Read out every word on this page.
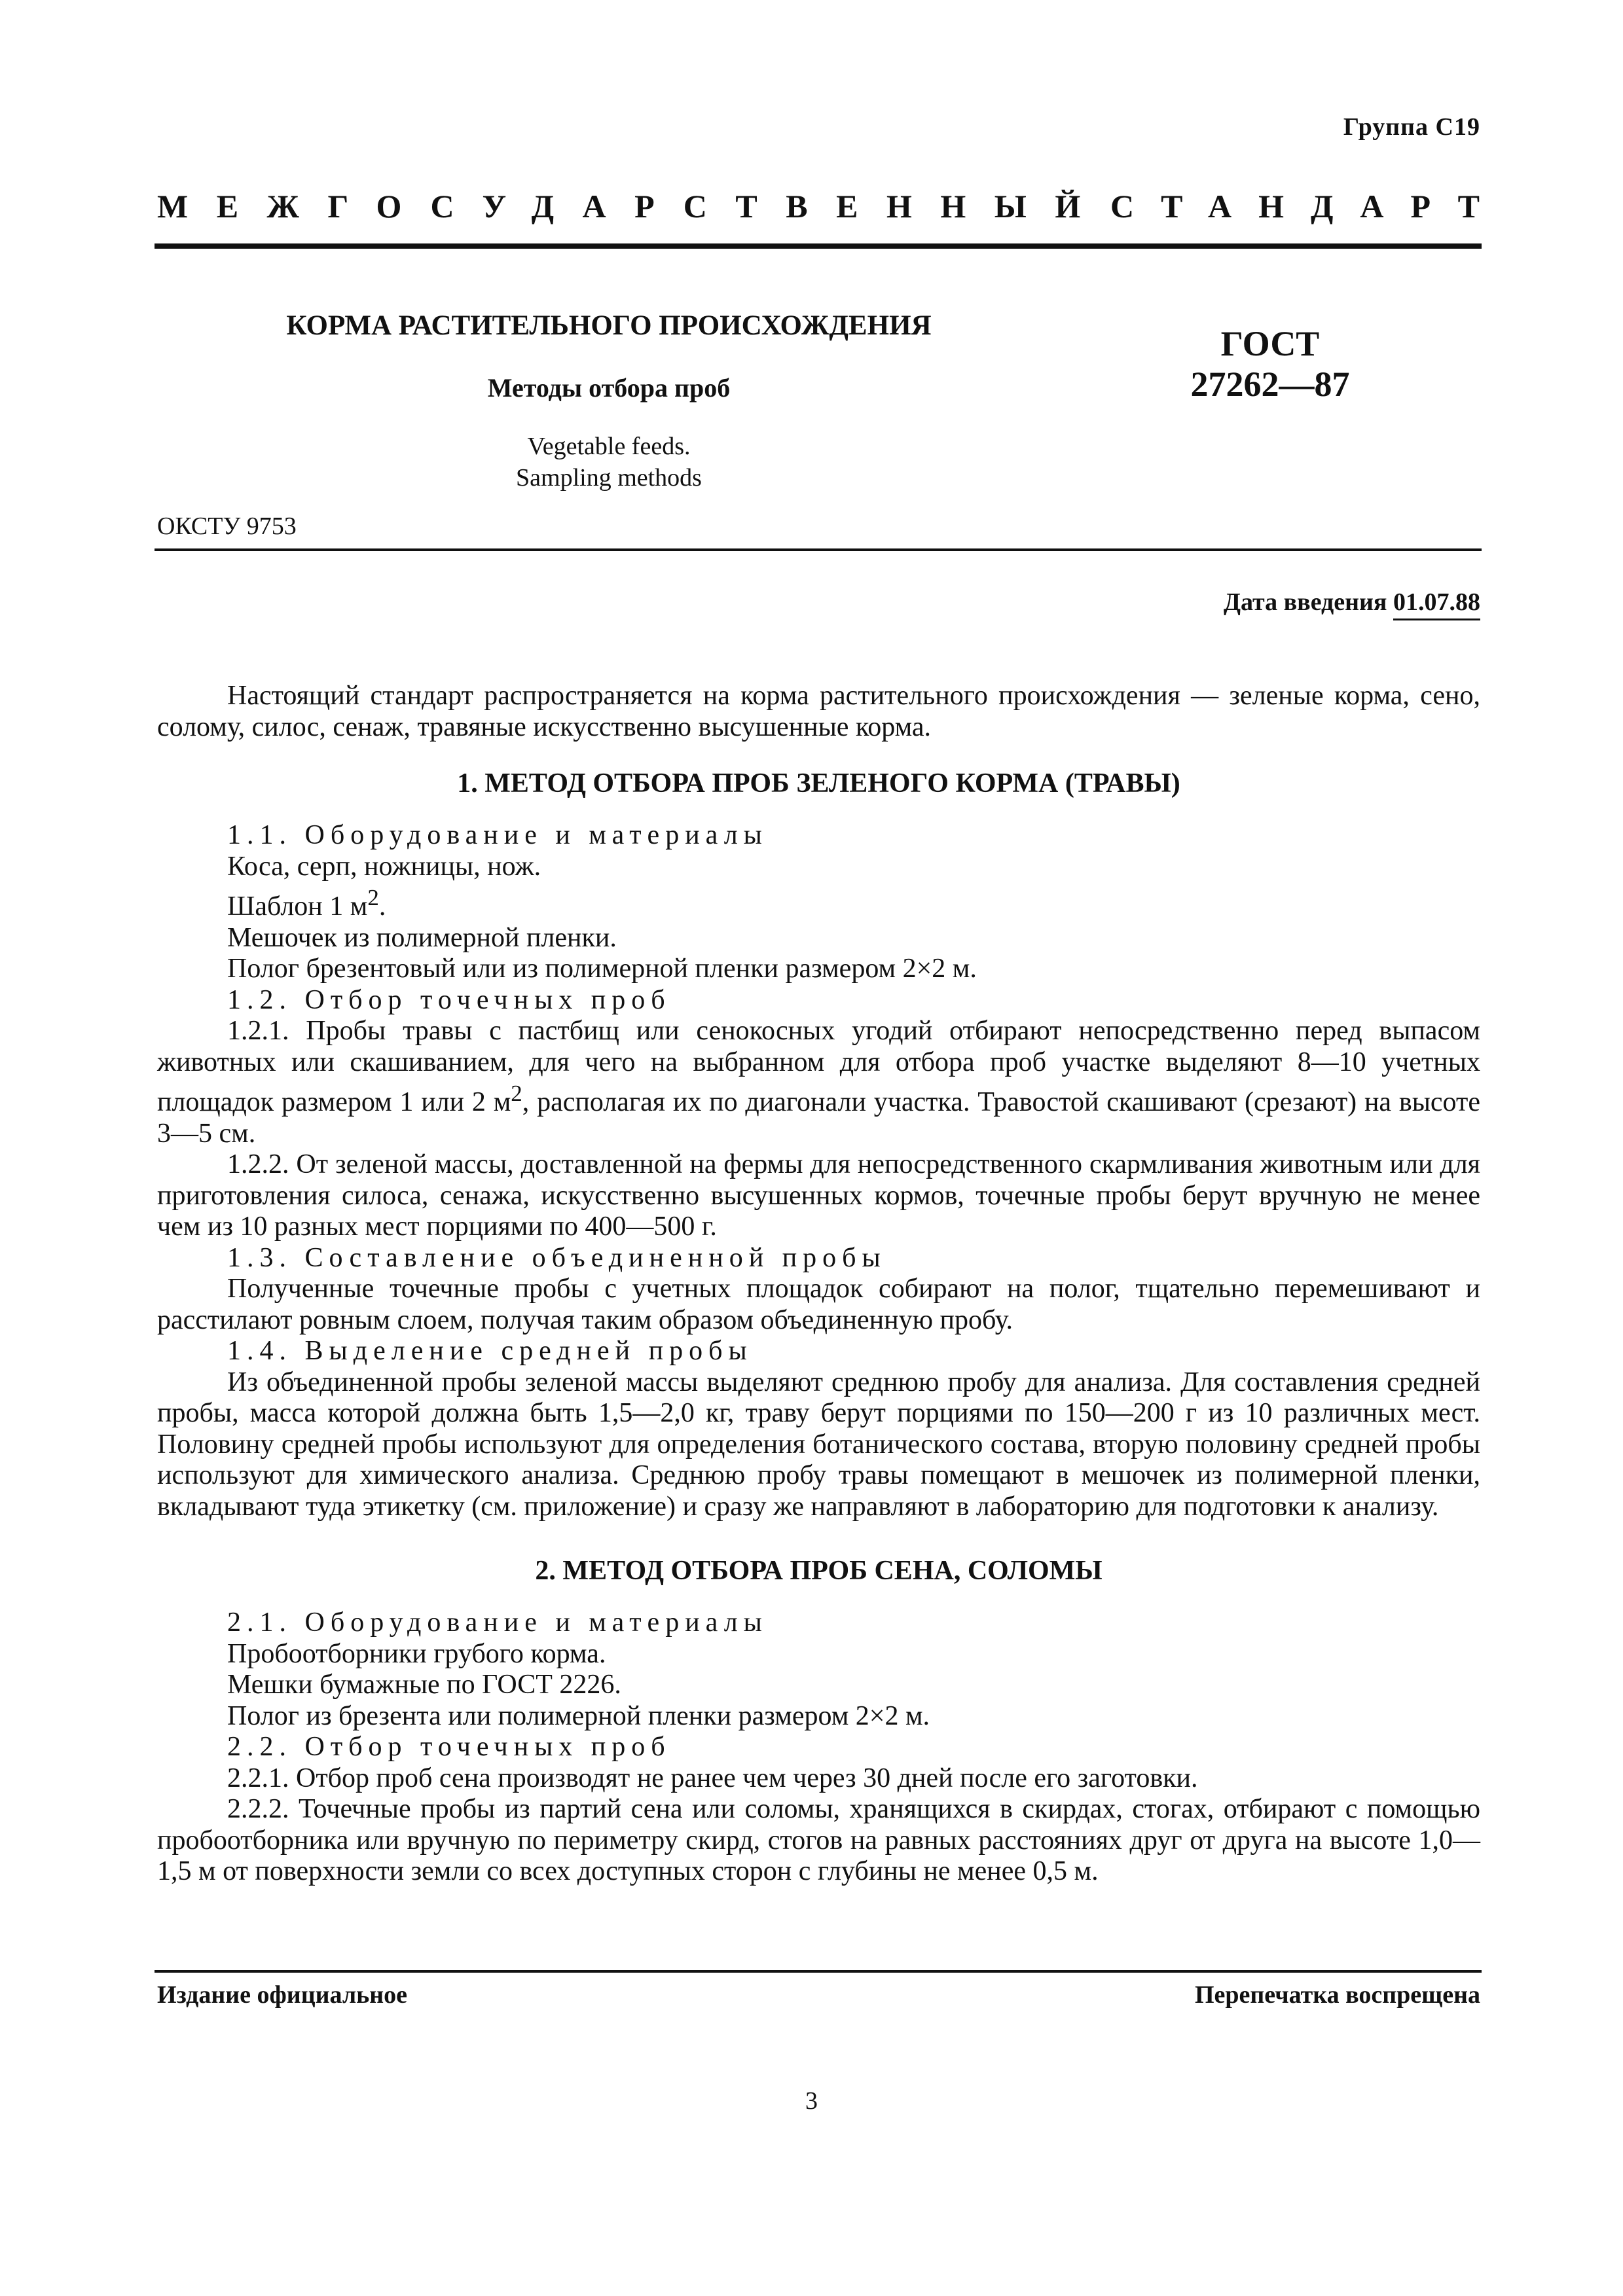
Группа С19
МЕЖГОСУДАРСТВЕННЫЙ СТАНДАРТ
КОРМА РАСТИТЕЛЬНОГО ПРОИСХОЖДЕНИЯ
Методы отбора проб
Vegetable feeds.
Sampling methods
ГОСТ
27262—87
ОКСТУ 9753
Дата введения 01.07.88

Настоящий стандарт распространяется на корма растительного происхождения — зеленые корма, сено, солому, силос, сенаж, травяные искусственно высушенные корма.

1. МЕТОД ОТБОРА ПРОБ ЗЕЛЕНОГО КОРМА (ТРАВЫ)

1.1. Оборудование и материалы

Коса, серп, ножницы, нож.

Шаблон 1 $м^2$.

Мешочек из полимерной пленки.

Полог брезентовый или из полимерной пленки размером 2×2 м.

1.2. Отбор точечных проб

1.2.1. Пробы травы с пастбищ или сенокосных угодий отбирают непосредственно перед выпасом животных или скашиванием, для чего на выбранном для отбора проб участке выделяют 8—10 учетных площадок размером 1 или 2 $м^2$, располагая их по диагонали участка. Травостой скашивают (срезают) на высоте 3—5 см.

1.2.2. От зеленой массы, доставленной на фермы для непосредственного скармливания животным или для приготовления силоса, сенажа, искусственно высушенных кормов, точечные пробы берут вручную не менее чем из 10 разных мест порциями по 400—500 г.

1.3. Составление объединенной пробы

Полученные точечные пробы с учетных площадок собирают на полог, тщательно перемешивают и расстилают ровным слоем, получая таким образом объединенную пробу.

1.4. Выделение средней пробы

Из объединенной пробы зеленой массы выделяют среднюю пробу для анализа. Для составления средней пробы, масса которой должна быть 1,5—2,0 кг, траву берут порциями по 150—200 г из 10 различных мест. Половину средней пробы используют для определения ботанического состава, вторую половину средней пробы используют для химического анализа. Среднюю пробу травы помещают в мешочек из полимерной пленки, вкладывают туда этикетку (см. приложение) и сразу же направляют в лабораторию для подготовки к анализу.

2. МЕТОД ОТБОРА ПРОБ СЕНА, СОЛОМЫ

2.1. Оборудование и материалы

Пробоотборники грубого корма.

Мешки бумажные по ГОСТ 2226.

Полог из брезента или полимерной пленки размером 2×2 м.

2.2. Отбор точечных проб

2.2.1. Отбор проб сена производят не ранее чем через 30 дней после его заготовки.

2.2.2. Точечные пробы из партий сена или соломы, хранящихся в скирдах, стогах, отбирают с помощью пробоотборника или вручную по периметру скирд, стогов на равных расстояниях друг от друга на высоте 1,0—1,5 м от поверхности земли со всех доступных сторон с глубины не менее 0,5 м.

Издание официальное	Перепечатка воспрещена
3
